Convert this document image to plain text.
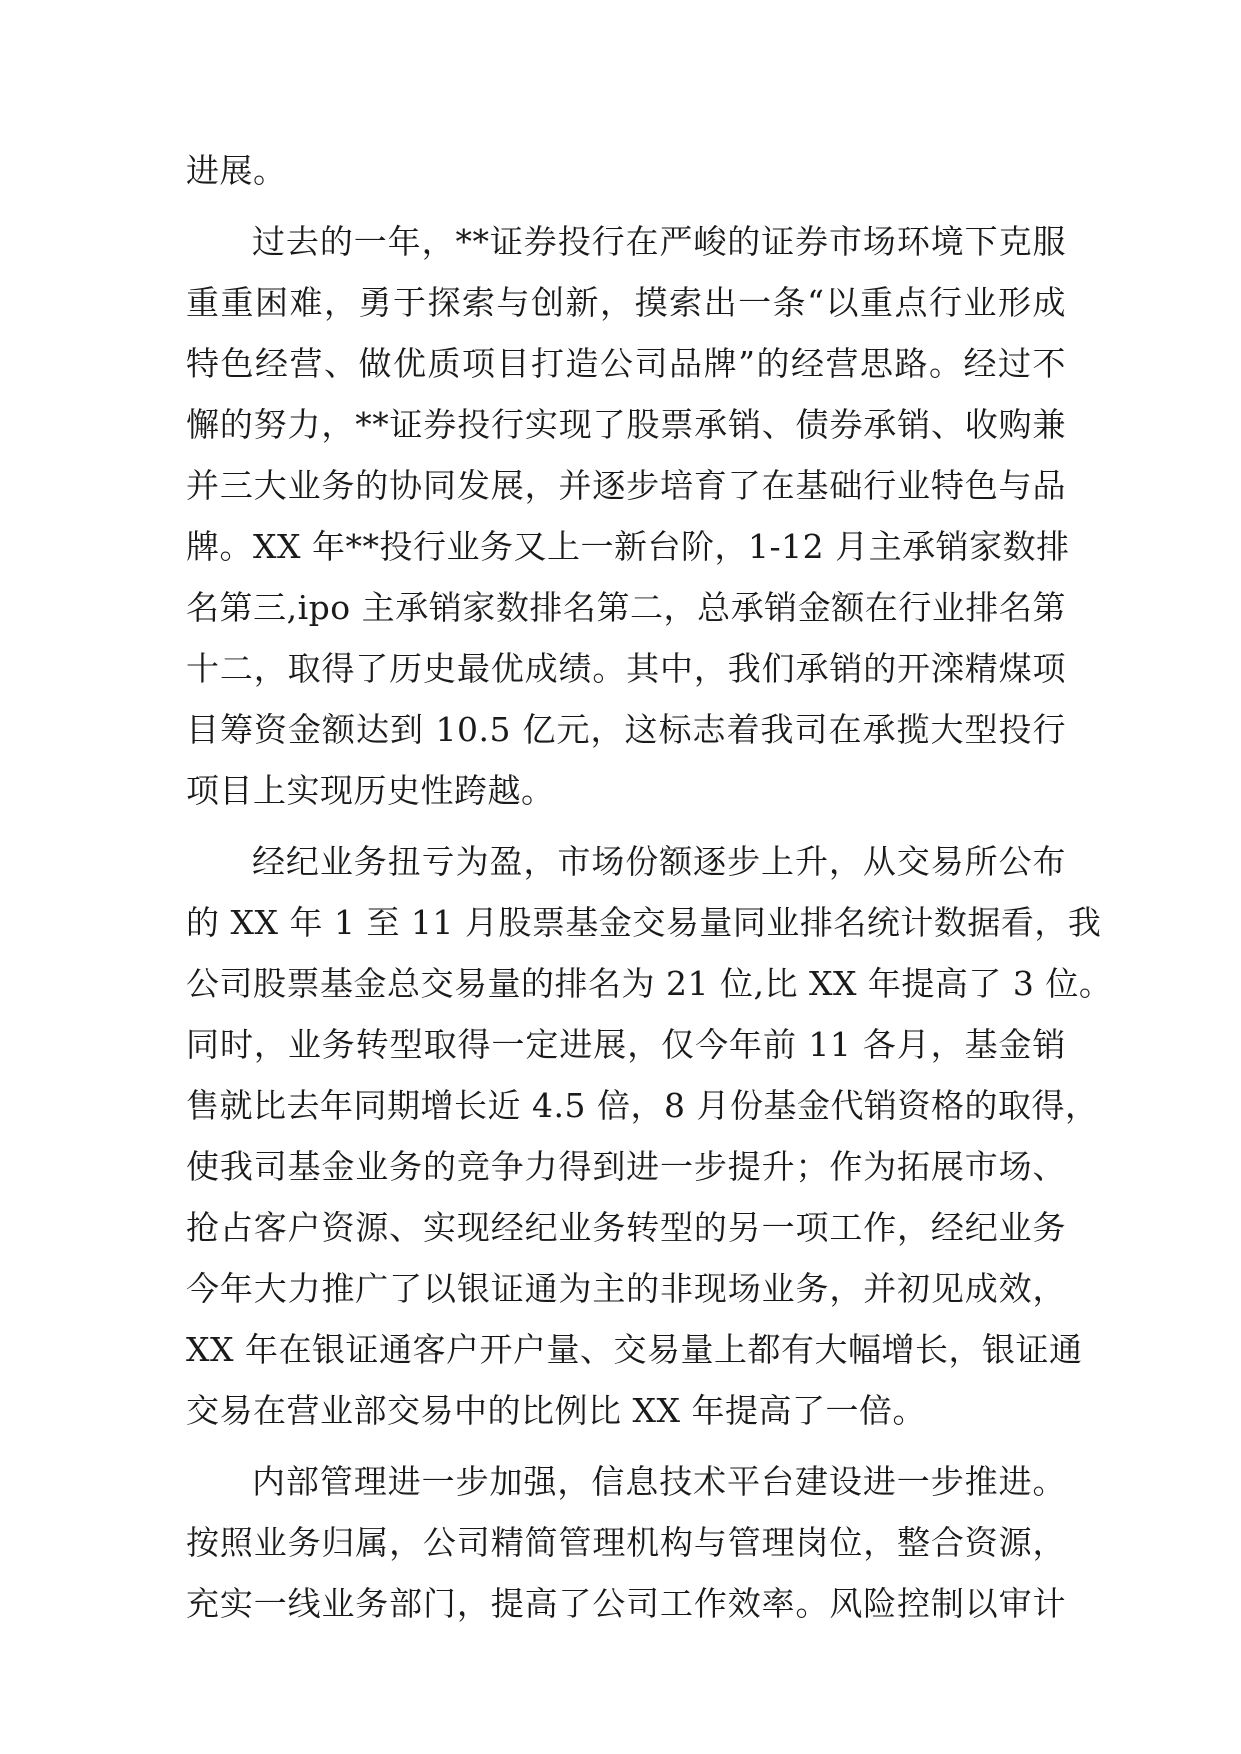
进展。
过去的一年，**证券投行在严峻的证券市场环境下克服
重重困难，勇于探索与创新，摸索出一条“以重点行业形成
特色经营、做优质项目打造公司品牌”的经营思路。经过不
懈的努力，**证券投行实现了股票承销、债券承销、收购兼
并三大业务的协同发展，并逐步培育了在基础行业特色与品
牌。XX 年**投行业务又上一新台阶，1-12 月主承销家数排
名第三,ipo 主承销家数排名第二，总承销金额在行业排名第
十二，取得了历史最优成绩。其中，我们承销的开滦精煤项
目筹资金额达到 10.5 亿元，这标志着我司在承揽大型投行
项目上实现历史性跨越。
经纪业务扭亏为盈，市场份额逐步上升，从交易所公布
的 XX 年 1 至 11 月股票基金交易量同业排名统计数据看，我
公司股票基金总交易量的排名为 21 位,比 XX 年提高了 3 位。
同时，业务转型取得一定进展，仅今年前 11 各月，基金销
售就比去年同期增长近 4.5 倍，8 月份基金代销资格的取得，
使我司基金业务的竞争力得到进一步提升；作为拓展市场、
抢占客户资源、实现经纪业务转型的另一项工作，经纪业务
今年大力推广了以银证通为主的非现场业务，并初见成效，
XX 年在银证通客户开户量、交易量上都有大幅增长，银证通
交易在营业部交易中的比例比 XX 年提高了一倍。
内部管理进一步加强，信息技术平台建设进一步推进。
按照业务归属，公司精简管理机构与管理岗位，整合资源，
充实一线业务部门，提高了公司工作效率。风险控制以审计
